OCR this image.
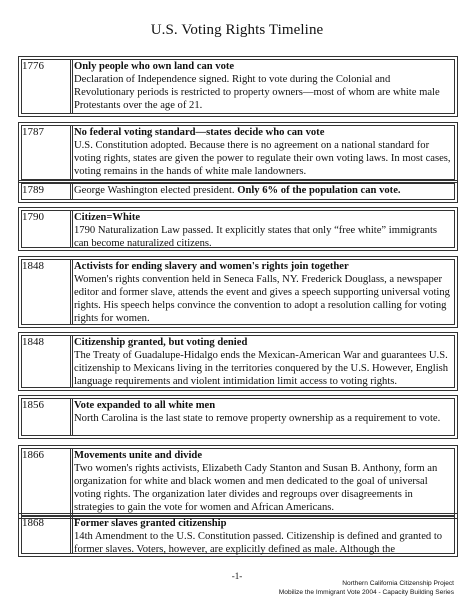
U.S. Voting Rights Timeline
1776	Only people who own land can vote
Declaration of Independence signed. Right to vote during the Colonial and Revolutionary periods is restricted to property owners—most of whom are white male Protestants over the age of 21.
1787	No federal voting standard—states decide who can vote
U.S. Constitution adopted. Because there is no agreement on a national standard for voting rights, states are given the power to regulate their own voting laws. In most cases, voting remains in the hands of white male landowners.
1789	George Washington elected president. Only 6% of the population can vote.
1790	Citizen=White
1790 Naturalization Law passed. It explicitly states that only “free white” immigrants can become naturalized citizens.
1848	Activists for ending slavery and women's rights join together
Women's rights convention held in Seneca Falls, NY. Frederick Douglass, a newspaper editor and former slave, attends the event and gives a speech supporting universal voting rights. His speech helps convince the convention to adopt a resolution calling for voting rights for women.
1848	Citizenship granted, but voting denied
The Treaty of Guadalupe-Hidalgo ends the Mexican-American War and guarantees U.S. citizenship to Mexicans living in the territories conquered by the U.S. However, English language requirements and violent intimidation limit access to voting rights.
1856	Vote expanded to all white men
North Carolina is the last state to remove property ownership as a requirement to vote.
1866	Movements unite and divide
Two women's rights activists, Elizabeth Cady Stanton and Susan B. Anthony, form an organization for white and black women and men dedicated to the goal of universal voting rights. The organization later divides and regroups over disagreements in strategies to gain the vote for women and African Americans.
1868	Former slaves granted citizenship
14th Amendment to the U.S. Constitution passed. Citizenship is defined and granted to former slaves. Voters, however, are explicitly defined as male. Although the
-1-
Northern California Citizenship Project
Mobilize the Immigrant Vote 2004 - Capacity Building Series
